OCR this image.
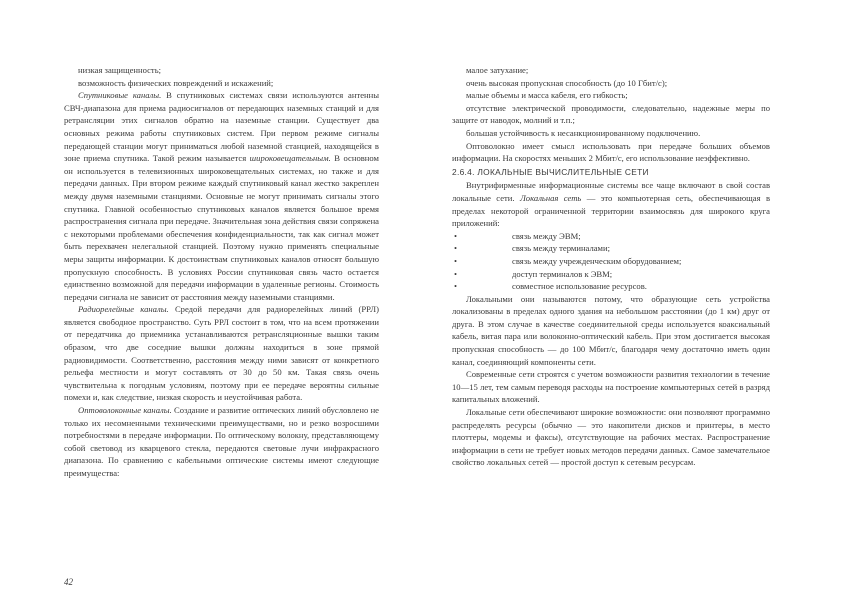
низкая защищенность;

возможность физических повреждений и искажений;

Спутниковые каналы. В спутниковых системах связи используются антенны СВЧ-диапазона для приема радиосигналов от передающих наземных станций и для ретрансляции этих сигналов обратно на наземные станции. Существует два основных режима работы спутниковых систем. При первом режиме сигналы передающей станции могут приниматься любой наземной станцией, находящейся в зоне приема спутника. Такой режим называется широковещательным. В основном он используется в телевизионных широковещательных системах, но также и для передачи данных. При втором режиме каждый спутниковый канал жестко закреплен между двумя наземными станциями. Основные не могут принимать сигналы этого спутника. Главной особенностью спутниковых каналов является большое время распространения сигнала при передаче. Значительная зона действия связи сопряжена с некоторыми проблемами обеспечения конфиденциальности, так как сигнал может быть перехвачен нелегальной станцией. Поэтому нужно применять специальные меры защиты информации. К достоинствам спутниковых каналов относят большую пропускную способность. В условиях России спутниковая связь часто остается единственно возможной для передачи информации в удаленные регионы. Стоимость передачи сигнала не зависит от расстояния между наземными станциями.

Радиорелейные каналы. Средой передачи для радиорелейных линий (РРЛ) является свободное пространство. Суть РРЛ состоит в том, что на всем протяжении от передатчика до приемника устанавливаются ретрансляционные вышки таким образом, что две соседние вышки должны находиться в зоне прямой радиовидимости. Соответственно, расстояния между ними зависят от конкретного рельефа местности и могут составлять от 30 до 50 км. Такая связь очень чувствительна к погодным условиям, поэтому при ее передаче вероятны сильные помехи и, как следствие, низкая скорость и неустойчивая работа.

Оптоволоконные каналы. Создание и развитие оптических линий обусловлено не только их несомненными техническими преимуществами, но и резко возросшими потребностями в передаче информации. По оптическому волокну, представляющему собой световод из кварцевого стекла, передаются световые лучи инфракрасного диапазона. По сравнению с кабельными оптические системы имеют следующие преимущества:

малое затухание;

очень высокая пропускная способность (до 10 Гбит/с);

малые объемы и масса кабеля, его гибкость;

отсутствие электрической проводимости, следовательно, надежные меры по защите от наводок, молний и т.п.;

большая устойчивость к несанкционированному подключению.

Оптоволокно имеет смысл использовать при передаче больших объемов информации. На скоростях меньших 2 Мбит/с, его использование неэффективно.

2.6.4. ЛОКАЛЬНЫЕ ВЫЧИСЛИТЕЛЬНЫЕ СЕТИ

Внутрифирменные информационные системы все чаще включают в свой состав локальные сети. Локальная сеть — это компьютерная сеть, обеспечивающая в пределах некоторой ограниченной территории взаимосвязь для широкого круга приложений:

•	связь между ЭВМ;
•	связь между терминалами;
•	связь между учрежденческим оборудованием;
•	доступ терминалов к ЭВМ;
•	совместное использование ресурсов.

Локальными они называются потому, что образующие сеть устройства локализованы в пределах одного здания на небольшом расстоянии (до 1 км) друг от друга. В этом случае в качестве соединительной среды используется коаксиальный кабель, витая пара или волоконно-оптический кабель. При этом достигается высокая пропускная способность — до 100 Мбит/с, благодаря чему достаточно иметь один канал, соединяющий компоненты сети.

Современные сети строятся с учетом возможности развития технологии в течение 10—15 лет, тем самым переводя расходы на построение компьютерных сетей в разряд капитальных вложений.

Локальные сети обеспечивают широкие возможности: они позволяют программно распределять ресурсы (обычно — это накопители дисков и принтеры, в место плоттеры, модемы и факсы), отсутствующие на рабочих местах. Распространение информации в сети не требует новых методов передачи данных. Самое замечательное свойство локальных сетей — простой доступ к сетевым ресурсам.

42
